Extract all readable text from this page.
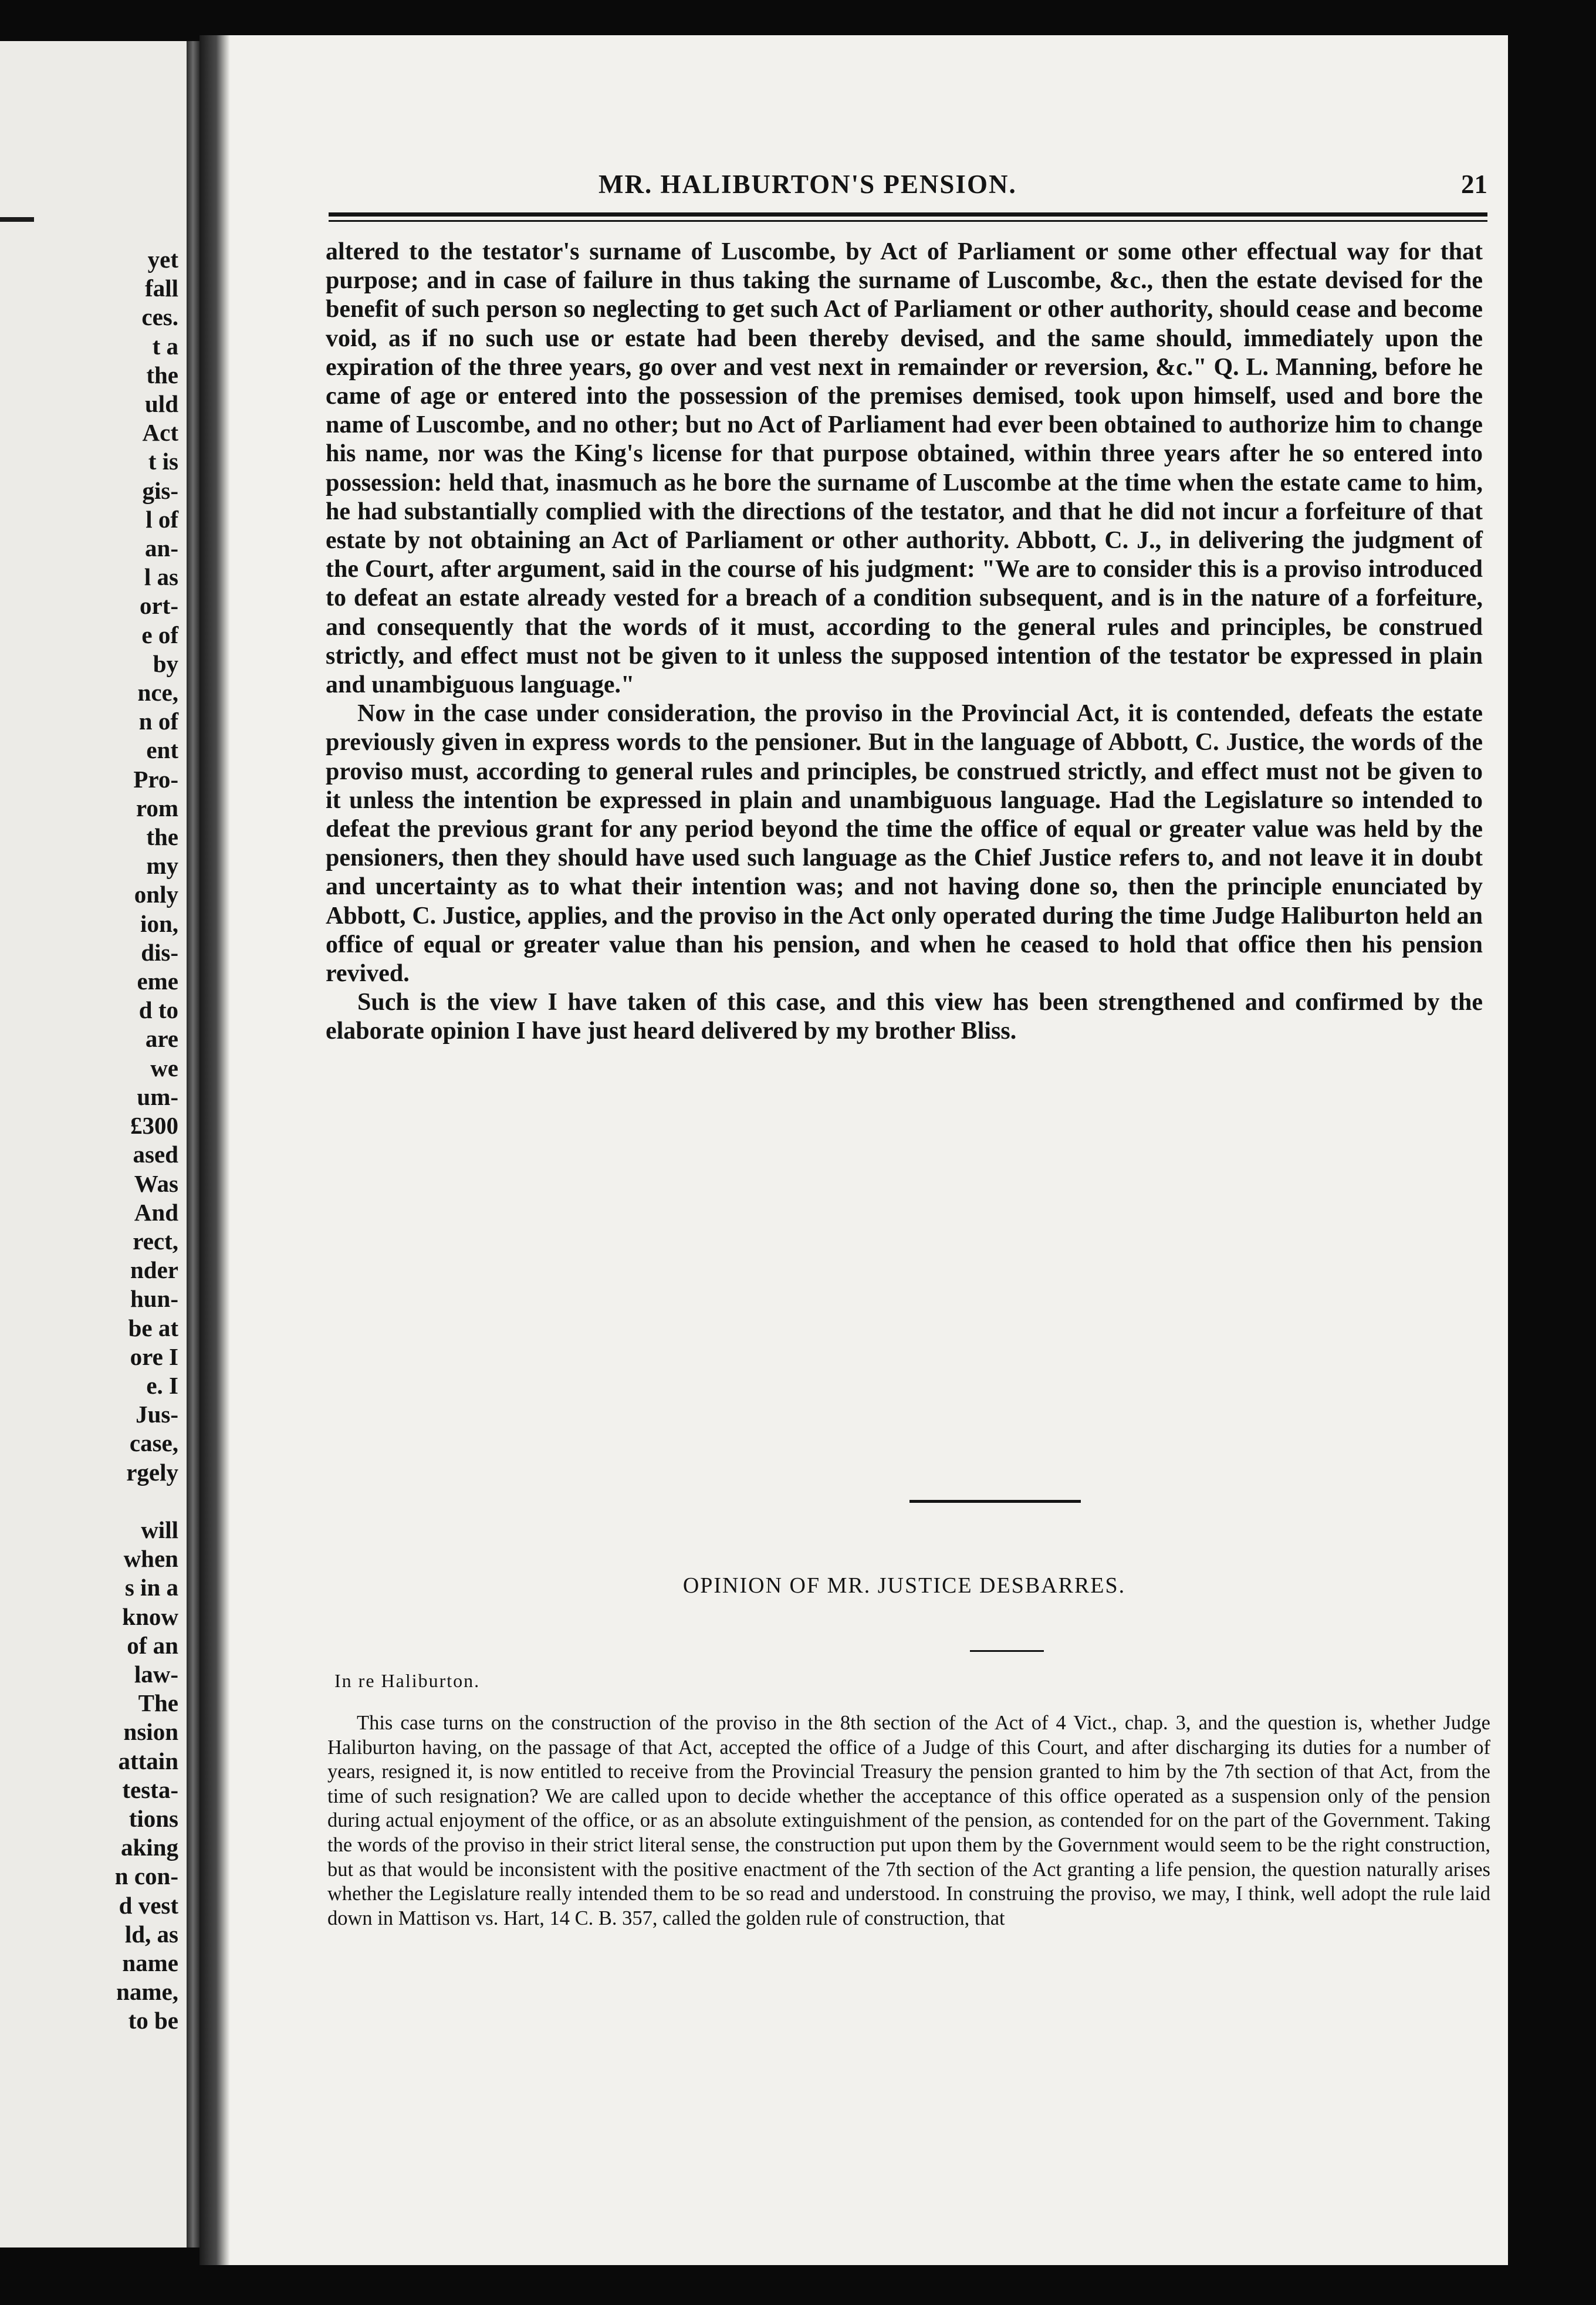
yet
fall
ces.
t a
the
uld
Act
t is
gis-
l of
an-
l as
ort-
e of
by
nce,
n of
ent
Pro-
rom
the
my
only
ion,
dis-
eme
d to
are
we
um-
£300
ased
Was
And
rect,
nder
hun-
be at
ore I
e. I
Jus-
case,
rgely

will
when
s in a
know
of an
law-
The
nsion
attain
testa-
tions
aking
n con-
d vest
ld, as
name
name,
to be
MR. HALIBURTON'S PENSION.	21

altered to the testator's surname of Luscombe, by Act of Parliament or some other effectual way for that purpose; and in case of failure in thus taking the surname of Luscombe, &c., then the estate devised for the benefit of such person so neglecting to get such Act of Parliament or other authority, should cease and become void, as if no such use or estate had been thereby devised, and the same should, immediately upon the expiration of the three years, go over and vest next in remainder or reversion, &c." Q. L. Manning, before he came of age or entered into the possession of the premises demised, took upon himself, used and bore the name of Luscombe, and no other; but no Act of Parliament had ever been obtained to authorize him to change his name, nor was the King's license for that purpose obtained, within three years after he so entered into possession: held that, inasmuch as he bore the surname of Luscombe at the time when the estate came to him, he had substantially complied with the directions of the testator, and that he did not incur a forfeiture of that estate by not obtaining an Act of Parliament or other authority. Abbott, C. J., in delivering the judgment of the Court, after argument, said in the course of his judgment: "We are to consider this is a proviso introduced to defeat an estate already vested for a breach of a condition subsequent, and is in the nature of a forfeiture, and consequently that the words of it must, according to the general rules and principles, be construed strictly, and effect must not be given to it unless the supposed intention of the testator be expressed in plain and unambiguous language."

Now in the case under consideration, the proviso in the Provincial Act, it is contended, defeats the estate previously given in express words to the pensioner. But in the language of Abbott, C. Justice, the words of the proviso must, according to general rules and principles, be construed strictly, and effect must not be given to it unless the intention be expressed in plain and unambiguous language. Had the Legislature so intended to defeat the previous grant for any period beyond the time the office of equal or greater value was held by the pensioners, then they should have used such language as the Chief Justice refers to, and not leave it in doubt and uncertainty as to what their intention was; and not having done so, then the principle enunciated by Abbott, C. Justice, applies, and the proviso in the Act only operated during the time Judge Haliburton held an office of equal or greater value than his pension, and when he ceased to hold that office then his pension revived.

Such is the view I have taken of this case, and this view has been strengthened and confirmed by the elaborate opinion I have just heard delivered by my brother Bliss.

OPINION OF MR. JUSTICE DESBARRES.
In re Haliburton.

This case turns on the construction of the proviso in the 8th section of the Act of 4 Vict., chap. 3, and the question is, whether Judge Haliburton having, on the passage of that Act, accepted the office of a Judge of this Court, and after discharging its duties for a number of years, resigned it, is now entitled to receive from the Provincial Treasury the pension granted to him by the 7th section of that Act, from the time of such resignation? We are called upon to decide whether the acceptance of this office operated as a suspension only of the pension during actual enjoyment of the office, or as an absolute extinguishment of the pension, as contended for on the part of the Government. Taking the words of the proviso in their strict literal sense, the construction put upon them by the Government would seem to be the right construction, but as that would be inconsistent with the positive enactment of the 7th section of the Act granting a life pension, the question naturally arises whether the Legislature really intended them to be so read and understood. In construing the proviso, we may, I think, well adopt the rule laid down in Mattison vs. Hart, 14 C. B. 357, called the golden rule of construction, that
